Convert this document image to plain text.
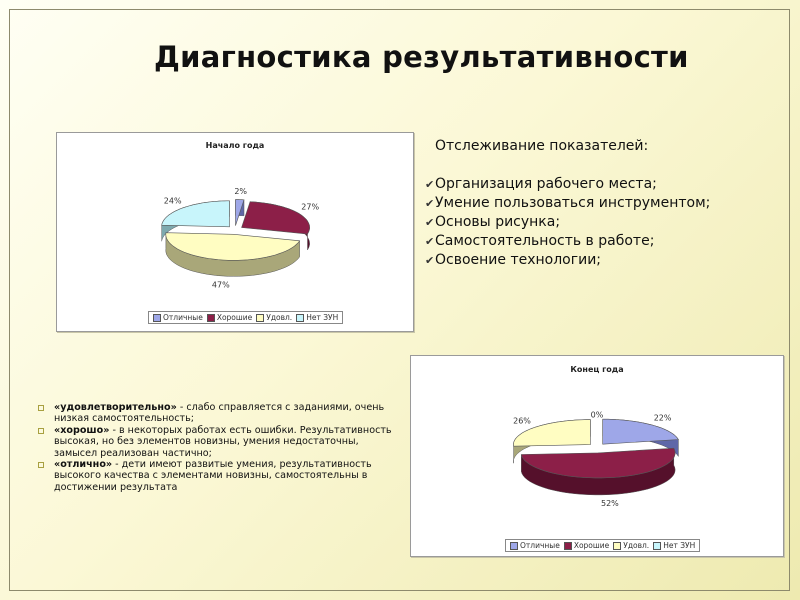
Диагностика результативности
Начало года
2%
27%
47%
24%
Отличные Хорошие Удовл. Нет ЗУН
Конец года
22%
52%
26%
0%
Отличные Хорошие Удовл. Нет ЗУН
Отслеживание показателей:
✔ Организация рабочего места;
✔ Умение пользоваться инструментом;
✔ Основы рисунка;
✔ Самостоятельность в работе;
✔ Освоение технологии;
«удовлетворительно» - слабо справляется с заданиями, очень низкая самостоятельность;
«хорошо» - в некоторых работах есть ошибки. Результативность высокая, но без элементов новизны, умения недостаточны, замысел реализован частично;
«отлично» - дети имеют развитые умения, результативность высокого качества с элементами новизны, самостоятельны в достижении результата
